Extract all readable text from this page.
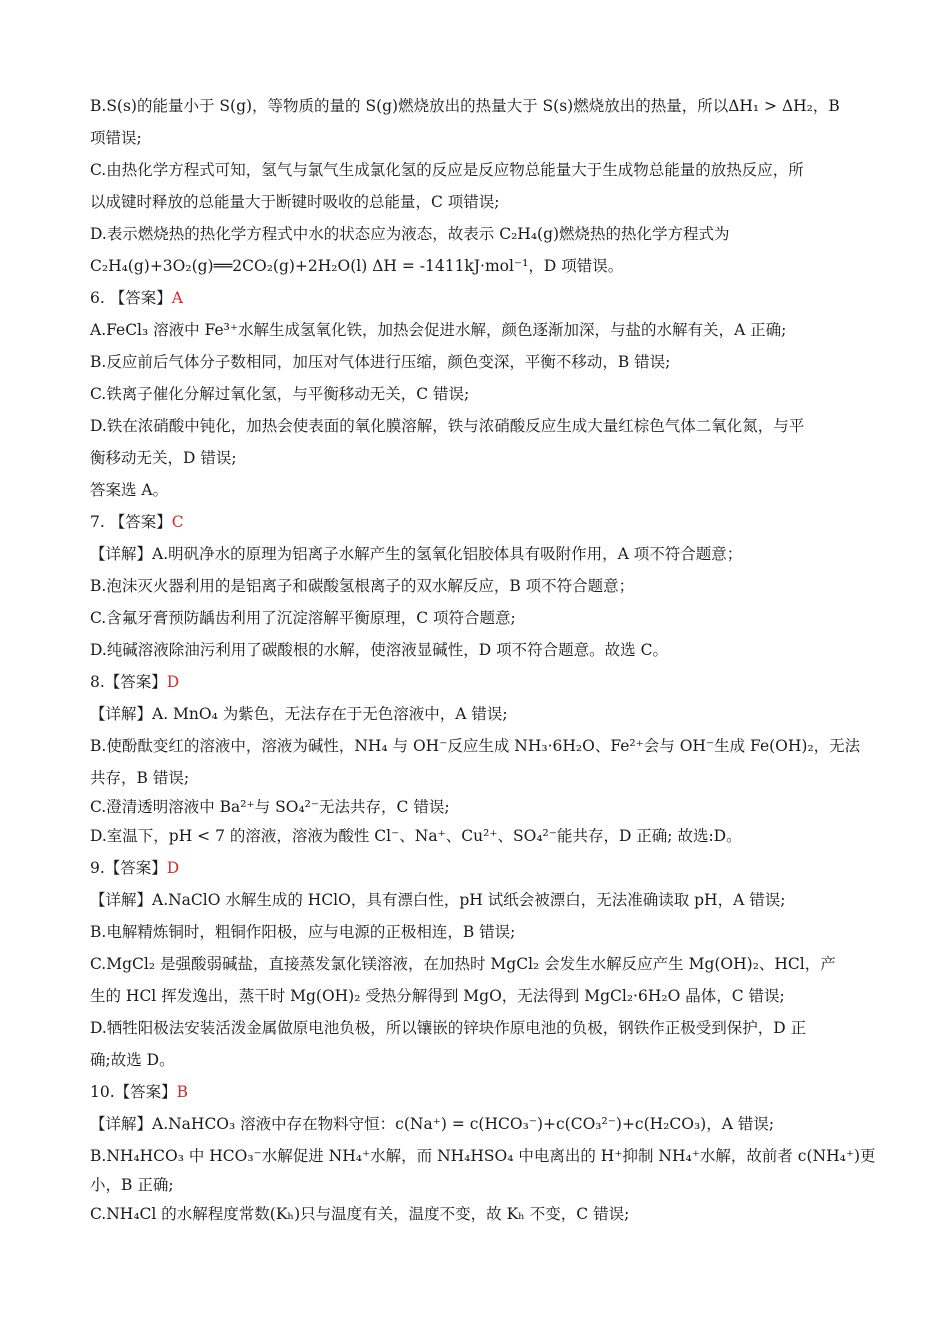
B.S(s)的能量小于 S(g)，等物质的量的 S(g)燃烧放出的热量大于 S(s)燃烧放出的热量，所以ΔH₁ > ΔH₂，B
项错误;
C.由热化学方程式可知，氢气与氯气生成氯化氢的反应是反应物总能量大于生成物总能量的放热反应，所
以成键时释放的总能量大于断键时吸收的总能量，C 项错误;
D.表示燃烧热的热化学方程式中水的状态应为液态，故表示 C₂H₄(g)燃烧热的热化学方程式为
C₂H₄(g)+3O₂(g)══2CO₂(g)+2H₂O(l) ΔH = -1411kJ·mol⁻¹，D 项错误。
6. 【答案】A
A.FeCl₃ 溶液中 Fe³⁺水解生成氢氧化铁，加热会促进水解，颜色逐渐加深，与盐的水解有关，A 正确;
B.反应前后气体分子数相同，加压对气体进行压缩，颜色变深，平衡不移动，B 错误;
C.铁离子催化分解过氧化氢，与平衡移动无关，C 错误;
D.铁在浓硝酸中钝化，加热会使表面的氧化膜溶解，铁与浓硝酸反应生成大量红棕色气体二氧化氮，与平
衡移动无关，D 错误;
答案选 A。
7. 【答案】C
【详解】A.明矾净水的原理为铝离子水解产生的氢氧化铝胶体具有吸附作用，A 项不符合题意；
B.泡沫灭火器利用的是铝离子和碳酸氢根离子的双水解反应，B 项不符合题意；
C.含氟牙膏预防龋齿利用了沉淀溶解平衡原理，C 项符合题意;
D.纯碱溶液除油污利用了碳酸根的水解，使溶液显碱性，D 项不符合题意。故选 C。
8.【答案】D
【详解】A. MnO₄ 为紫色，无法存在于无色溶液中，A 错误;
B.使酚酞变红的溶液中，溶液为碱性，NH₄ 与 OH⁻反应生成 NH₃·6H₂O、Fe²⁺会与 OH⁻生成 Fe(OH)₂，无法
共存，B 错误;
C.澄清透明溶液中 Ba²⁺与 SO₄²⁻无法共存，C 错误;
D.室温下，pH < 7 的溶液，溶液为酸性 Cl⁻、Na⁺、Cu²⁺、SO₄²⁻能共存，D 正确; 故选:D。
9.【答案】D
【详解】A.NaClO 水解生成的 HClO，具有漂白性，pH 试纸会被漂白，无法准确读取 pH，A 错误;
B.电解精炼铜时，粗铜作阳极，应与电源的正极相连，B 错误;
C.MgCl₂ 是强酸弱碱盐，直接蒸发氯化镁溶液，在加热时 MgCl₂ 会发生水解反应产生 Mg(OH)₂、HCl，产
生的 HCl 挥发逸出，蒸干时 Mg(OH)₂ 受热分解得到 MgO，无法得到 MgCl₂·6H₂O 晶体，C 错误;
D.牺牲阳极法安装活泼金属做原电池负极，所以镶嵌的锌块作原电池的负极，钢铁作正极受到保护，D 正
确;故选 D。
10.【答案】B
【详解】A.NaHCO₃ 溶液中存在物料守恒：c(Na⁺) = c(HCO₃⁻)+c(CO₃²⁻)+c(H₂CO₃)，A 错误;
B.NH₄HCO₃ 中 HCO₃⁻水解促进 NH₄⁺水解，而 NH₄HSO₄ 中电离出的 H⁺抑制 NH₄⁺水解，故前者 c(NH₄⁺)更
小，B 正确;
C.NH₄Cl 的水解程度常数(Kₕ)只与温度有关，温度不变，故 Kₕ 不变，C 错误;
